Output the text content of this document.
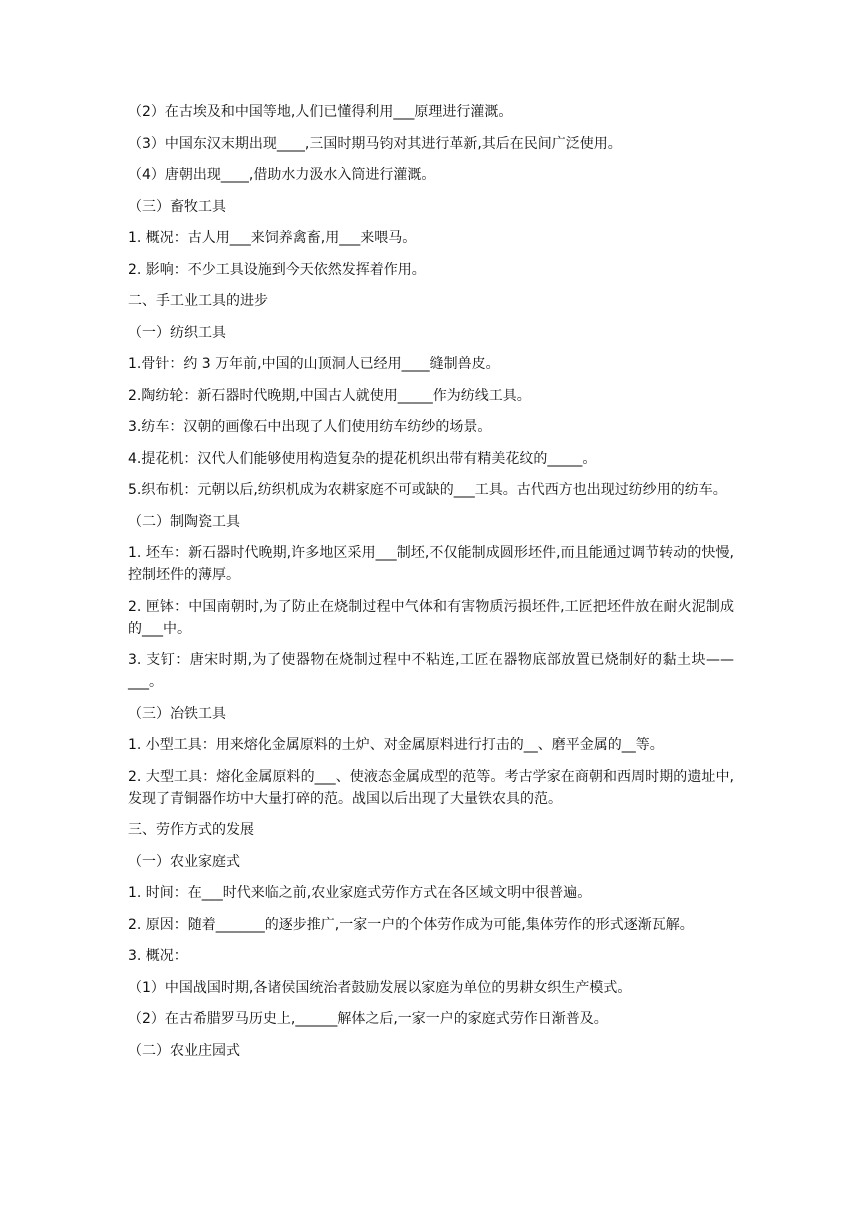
（2）在古埃及和中国等地,人们已懂得利用___原理进行灌溉。

（3）中国东汉末期出现____,三国时期马钧对其进行革新,其后在民间广泛使用。

（4）唐朝出现____,借助水力汲水入筒进行灌溉。

（三）畜牧工具

1. 概况：古人用___来饲养禽畜,用___来喂马。

2. 影响：不少工具设施到今天依然发挥着作用。

二、手工业工具的进步

（一）纺织工具

1.骨针：约 3 万年前,中国的山顶洞人已经用____缝制兽皮。

2.陶纺轮：新石器时代晚期,中国古人就使用_____作为纺线工具。

3.纺车：汉朝的画像石中出现了人们使用纺车纺纱的场景。

4.提花机：汉代人们能够使用构造复杂的提花机织出带有精美花纹的_____。

5.织布机：元朝以后,纺织机成为农耕家庭不可或缺的___工具。古代西方也出现过纺纱用的纺车。

（二）制陶瓷工具

1. 坯车：新石器时代晚期,许多地区采用___制坯,不仅能制成圆形坯件,而且能通过调节转动的快慢,控制坯件的薄厚。

2. 匣钵：中国南朝时,为了防止在烧制过程中气体和有害物质污损坯件,工匠把坯件放在耐火泥制成的___中。

3. 支钉：唐宋时期,为了使器物在烧制过程中不粘连,工匠在器物底部放置已烧制好的黏土块——___。

（三）冶铁工具

1. 小型工具：用来熔化金属原料的土炉、对金属原料进行打击的__、磨平金属的__等。

2. 大型工具：熔化金属原料的___、使液态金属成型的范等。考古学家在商朝和西周时期的遗址中,发现了青铜器作坊中大量打碎的范。战国以后出现了大量铁农具的范。

三、劳作方式的发展

（一）农业家庭式

1. 时间：在___时代来临之前,农业家庭式劳作方式在各区域文明中很普遍。

2. 原因：随着_______的逐步推广,一家一户的个体劳作成为可能,集体劳作的形式逐渐瓦解。

3. 概况：

（1）中国战国时期,各诸侯国统治者鼓励发展以家庭为单位的男耕女织生产模式。

（2）在古希腊罗马历史上,______解体之后,一家一户的家庭式劳作日渐普及。

（二）农业庄园式
